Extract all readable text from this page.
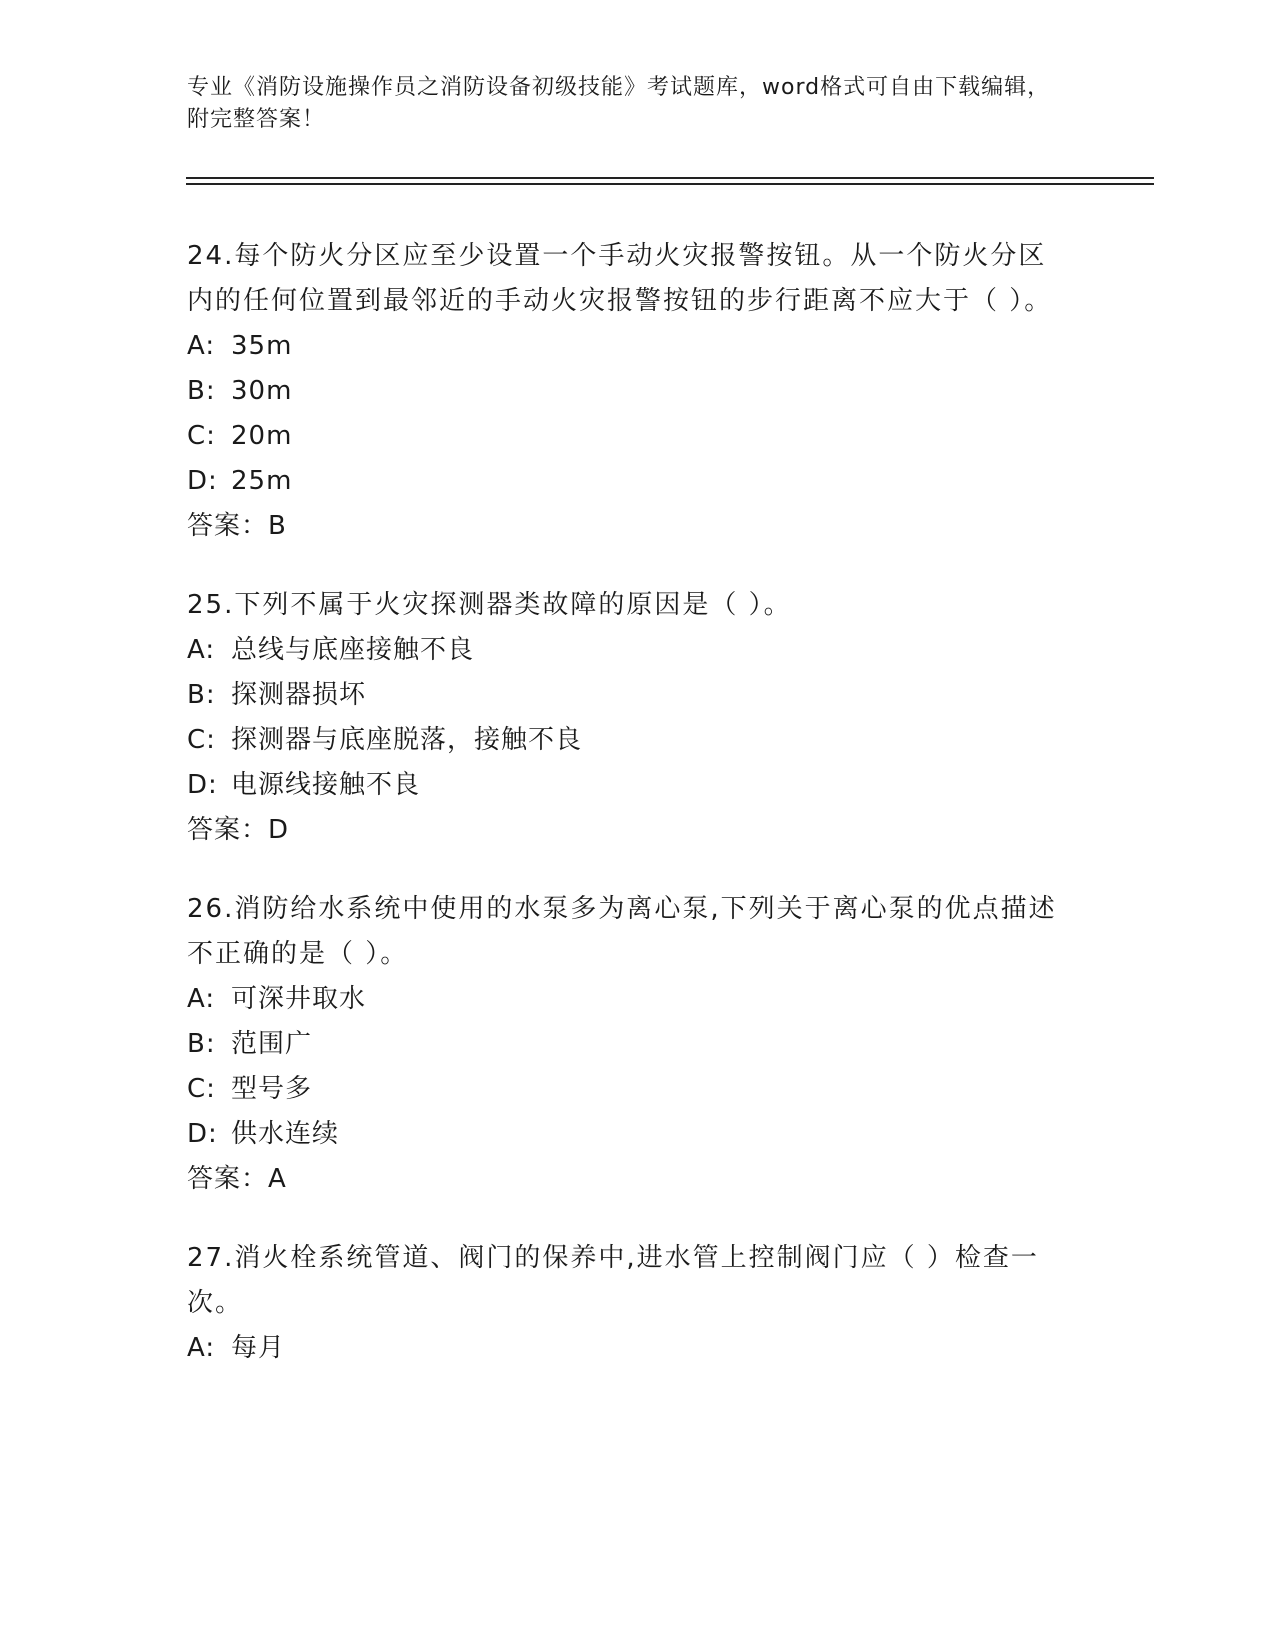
专业《消防设施操作员之消防设备初级技能》考试题库，word格式可自由下载编辑，附完整答案！

24.每个防火分区应至少设置一个手动火灾报警按钮。从一个防火分区内的任何位置到最邻近的手动火灾报警按钮的步行距离不应大于（ ）。

A: 35m

B: 30m

C: 20m

D: 25m

答案：B

25.下列不属于火灾探测器类故障的原因是（ ）。

A: 总线与底座接触不良

B: 探测器损坏

C: 探测器与底座脱落，接触不良

D: 电源线接触不良

答案：D

26.消防给水系统中使用的水泵多为离心泵,下列关于离心泵的优点描述不正确的是（ ）。

A: 可深井取水

B: 范围广

C: 型号多

D: 供水连续

答案：A

27.消火栓系统管道、阀门的保养中,进水管上控制阀门应（ ）检查一次。

A: 每月
